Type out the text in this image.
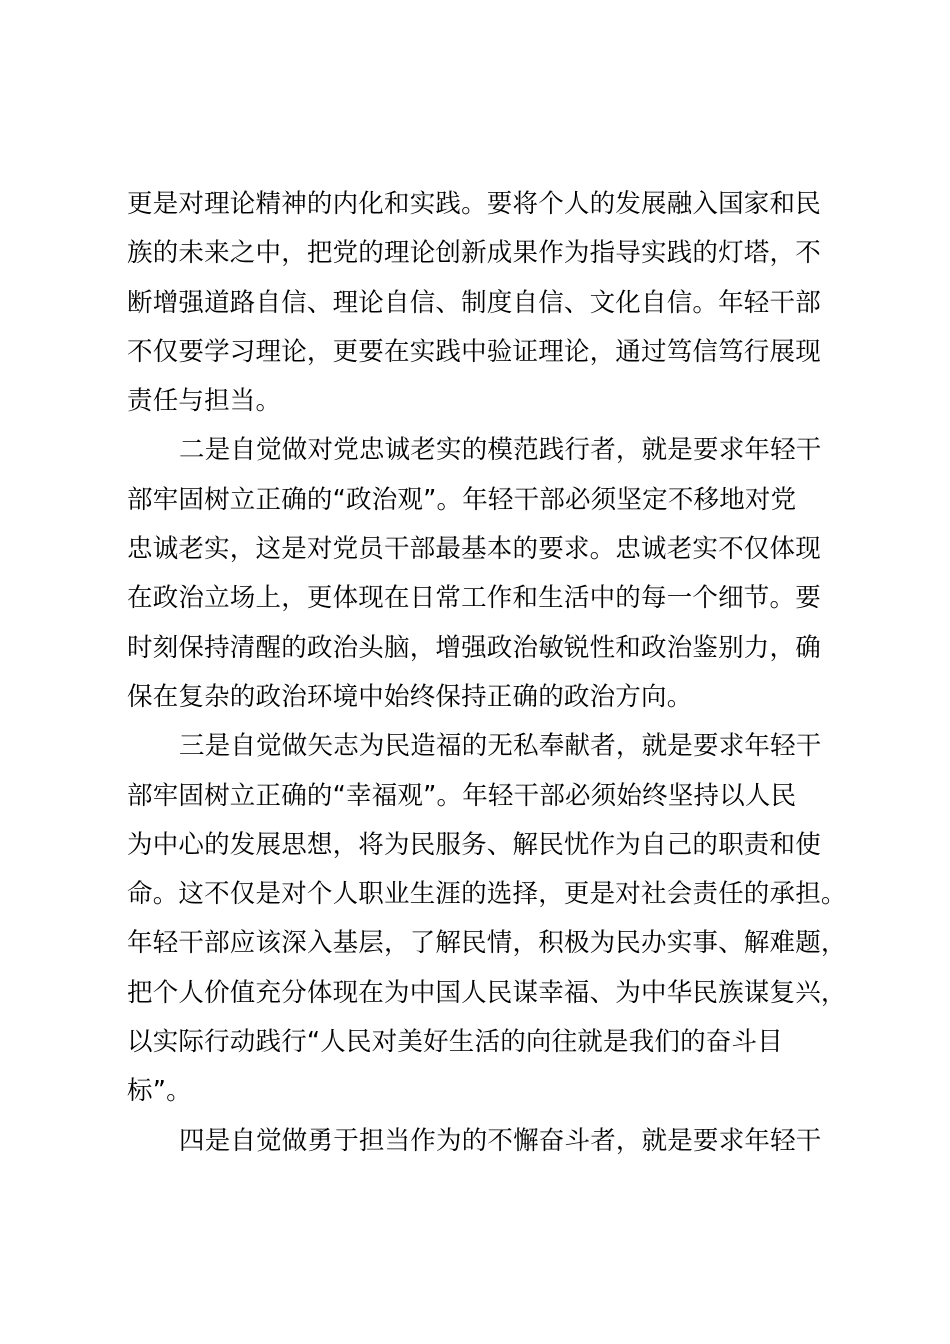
更是对理论精神的内化和实践。要将个人的发展融入国家和民
族的未来之中，把党的理论创新成果作为指导实践的灯塔，不
断增强道路自信、理论自信、制度自信、文化自信。年轻干部
不仅要学习理论，更要在实践中验证理论，通过笃信笃行展现
责任与担当。
二是自觉做对党忠诚老实的模范践行者，就是要求年轻干
部牢固树立正确的“政治观”。年轻干部必须坚定不移地对党
忠诚老实，这是对党员干部最基本的要求。忠诚老实不仅体现
在政治立场上，更体现在日常工作和生活中的每一个细节。要
时刻保持清醒的政治头脑，增强政治敏锐性和政治鉴别力，确
保在复杂的政治环境中始终保持正确的政治方向。
三是自觉做矢志为民造福的无私奉献者，就是要求年轻干
部牢固树立正确的“幸福观”。年轻干部必须始终坚持以人民
为中心的发展思想，将为民服务、解民忧作为自己的职责和使
命。这不仅是对个人职业生涯的选择，更是对社会责任的承担。
年轻干部应该深入基层，了解民情，积极为民办实事、解难题，
把个人价值充分体现在为中国人民谋幸福、为中华民族谋复兴，
以实际行动践行“人民对美好生活的向往就是我们的奋斗目
标”。
四是自觉做勇于担当作为的不懈奋斗者，就是要求年轻干
